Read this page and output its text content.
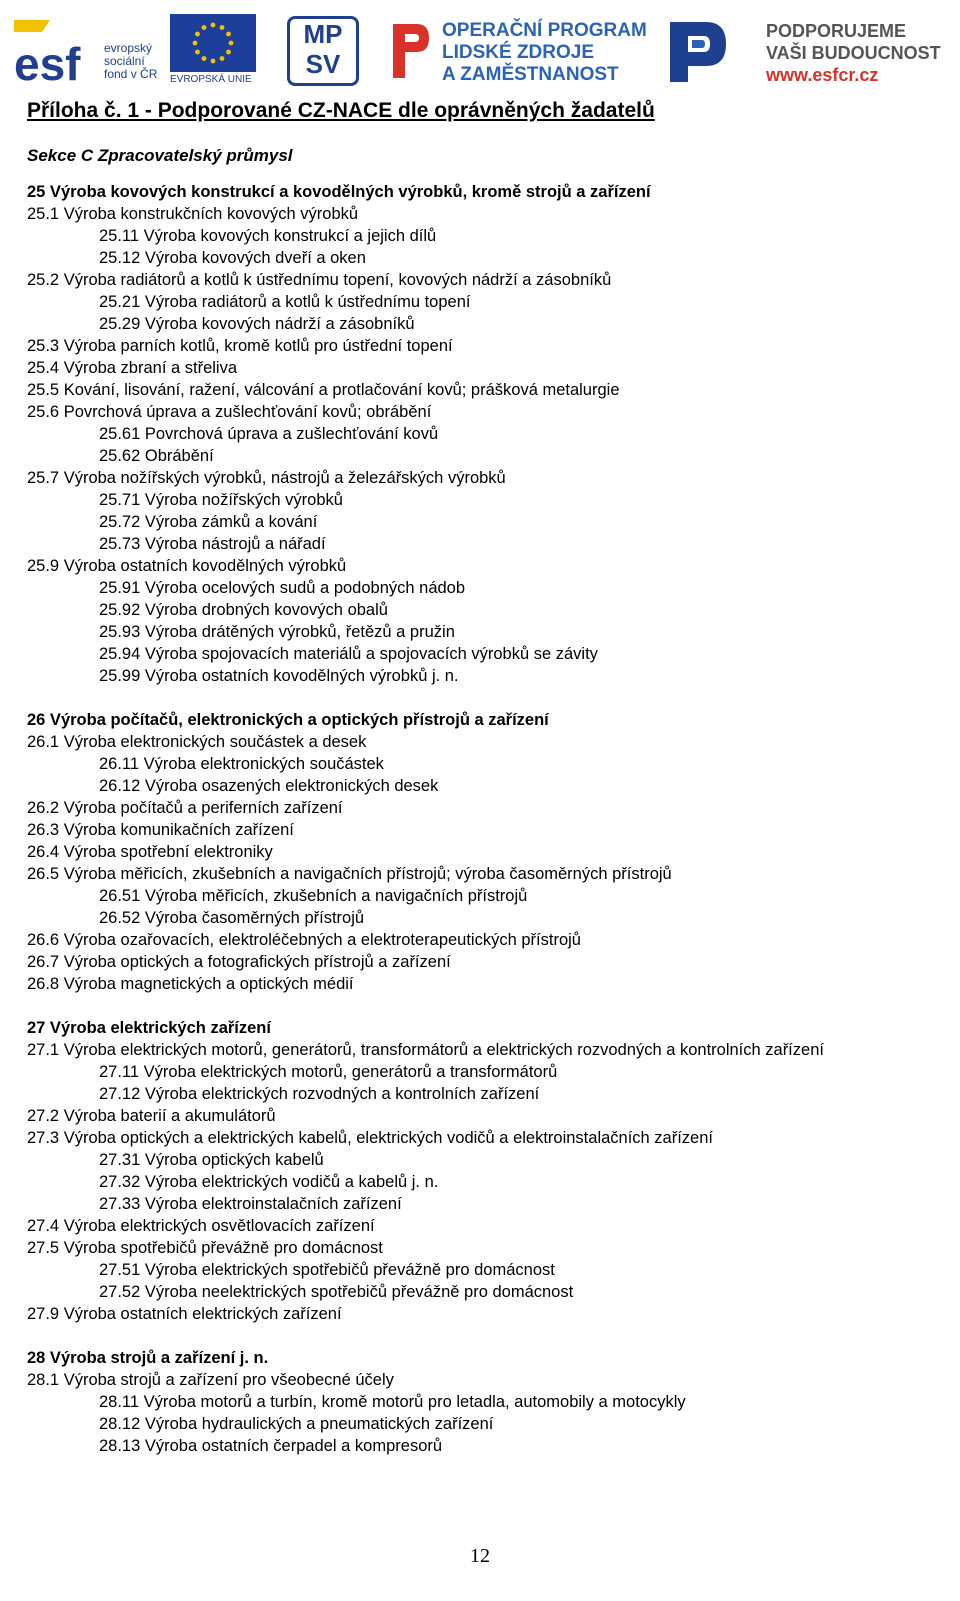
esf evropský
sociální
fond v ČR EVROPSKÁ UNIE
MP
SV
OPERAČNÍ PROGRAM
LIDSKÉ ZDROJE
A ZAMĚSTNANOST
PODPORUJEME
VAŠI BUDOUCNOST
www.esfcr.cz
Příloha č. 1 - Podporované CZ-NACE dle oprávněných žadatelů
Sekce C Zpracovatelský průmysl
25 Výroba kovových konstrukcí a kovodělných výrobků, kromě strojů a zařízení
25.1 Výroba konstrukčních kovových výrobků
25.11 Výroba kovových konstrukcí a jejich dílů
25.12 Výroba kovových dveří a oken
25.2 Výroba radiátorů a kotlů k ústřednímu topení, kovových nádrží a zásobníků
25.21 Výroba radiátorů a kotlů k ústřednímu topení
25.29 Výroba kovových nádrží a zásobníků
25.3 Výroba parních kotlů, kromě kotlů pro ústřední topení
25.4 Výroba zbraní a střeliva
25.5 Kování, lisování, ražení, válcování a protlačování kovů; prášková metalurgie
25.6 Povrchová úprava a zušlechťování kovů; obrábění
25.61 Povrchová úprava a zušlechťování kovů
25.62 Obrábění
25.7 Výroba nožířských výrobků, nástrojů a železářských výrobků
25.71 Výroba nožířských výrobků
25.72 Výroba zámků a kování
25.73 Výroba nástrojů a nářadí
25.9 Výroba ostatních kovodělných výrobků
25.91 Výroba ocelových sudů a podobných nádob
25.92 Výroba drobných kovových obalů
25.93 Výroba drátěných výrobků, řetězů a pružin
25.94 Výroba spojovacích materiálů a spojovacích výrobků se závity
25.99 Výroba ostatních kovodělných výrobků j. n.
26 Výroba počítačů, elektronických a optických přístrojů a zařízení
26.1 Výroba elektronických součástek a desek
26.11 Výroba elektronických součástek
26.12 Výroba osazených elektronických desek
26.2 Výroba počítačů a periferních zařízení
26.3 Výroba komunikačních zařízení
26.4 Výroba spotřební elektroniky
26.5 Výroba měřicích, zkušebních a navigačních přístrojů; výroba časoměrných přístrojů
26.51 Výroba měřicích, zkušebních a navigačních přístrojů
26.52 Výroba časoměrných přístrojů
26.6 Výroba ozařovacích, elektroléčebných a elektroterapeutických přístrojů
26.7 Výroba optických a fotografických přístrojů a zařízení
26.8 Výroba magnetických a optických médií
27 Výroba elektrických zařízení
27.1 Výroba elektrických motorů, generátorů, transformátorů a elektrických rozvodných a kontrolních zařízení
27.11 Výroba elektrických motorů, generátorů a transformátorů
27.12 Výroba elektrických rozvodných a kontrolních zařízení
27.2 Výroba baterií a akumulátorů
27.3 Výroba optických a elektrických kabelů, elektrických vodičů a elektroinstalačních zařízení
27.31 Výroba optických kabelů
27.32 Výroba elektrických vodičů a kabelů j. n.
27.33 Výroba elektroinstalačních zařízení
27.4 Výroba elektrických osvětlovacích zařízení
27.5 Výroba spotřebičů převážně pro domácnost
27.51 Výroba elektrických spotřebičů převážně pro domácnost
27.52 Výroba neelektrických spotřebičů převážně pro domácnost
27.9 Výroba ostatních elektrických zařízení
28 Výroba strojů a zařízení j. n.
28.1 Výroba strojů a zařízení pro všeobecné účely
28.11 Výroba motorů a turbín, kromě motorů pro letadla, automobily a motocykly
28.12 Výroba hydraulických a pneumatických zařízení
28.13 Výroba ostatních čerpadel a kompresorů
12
